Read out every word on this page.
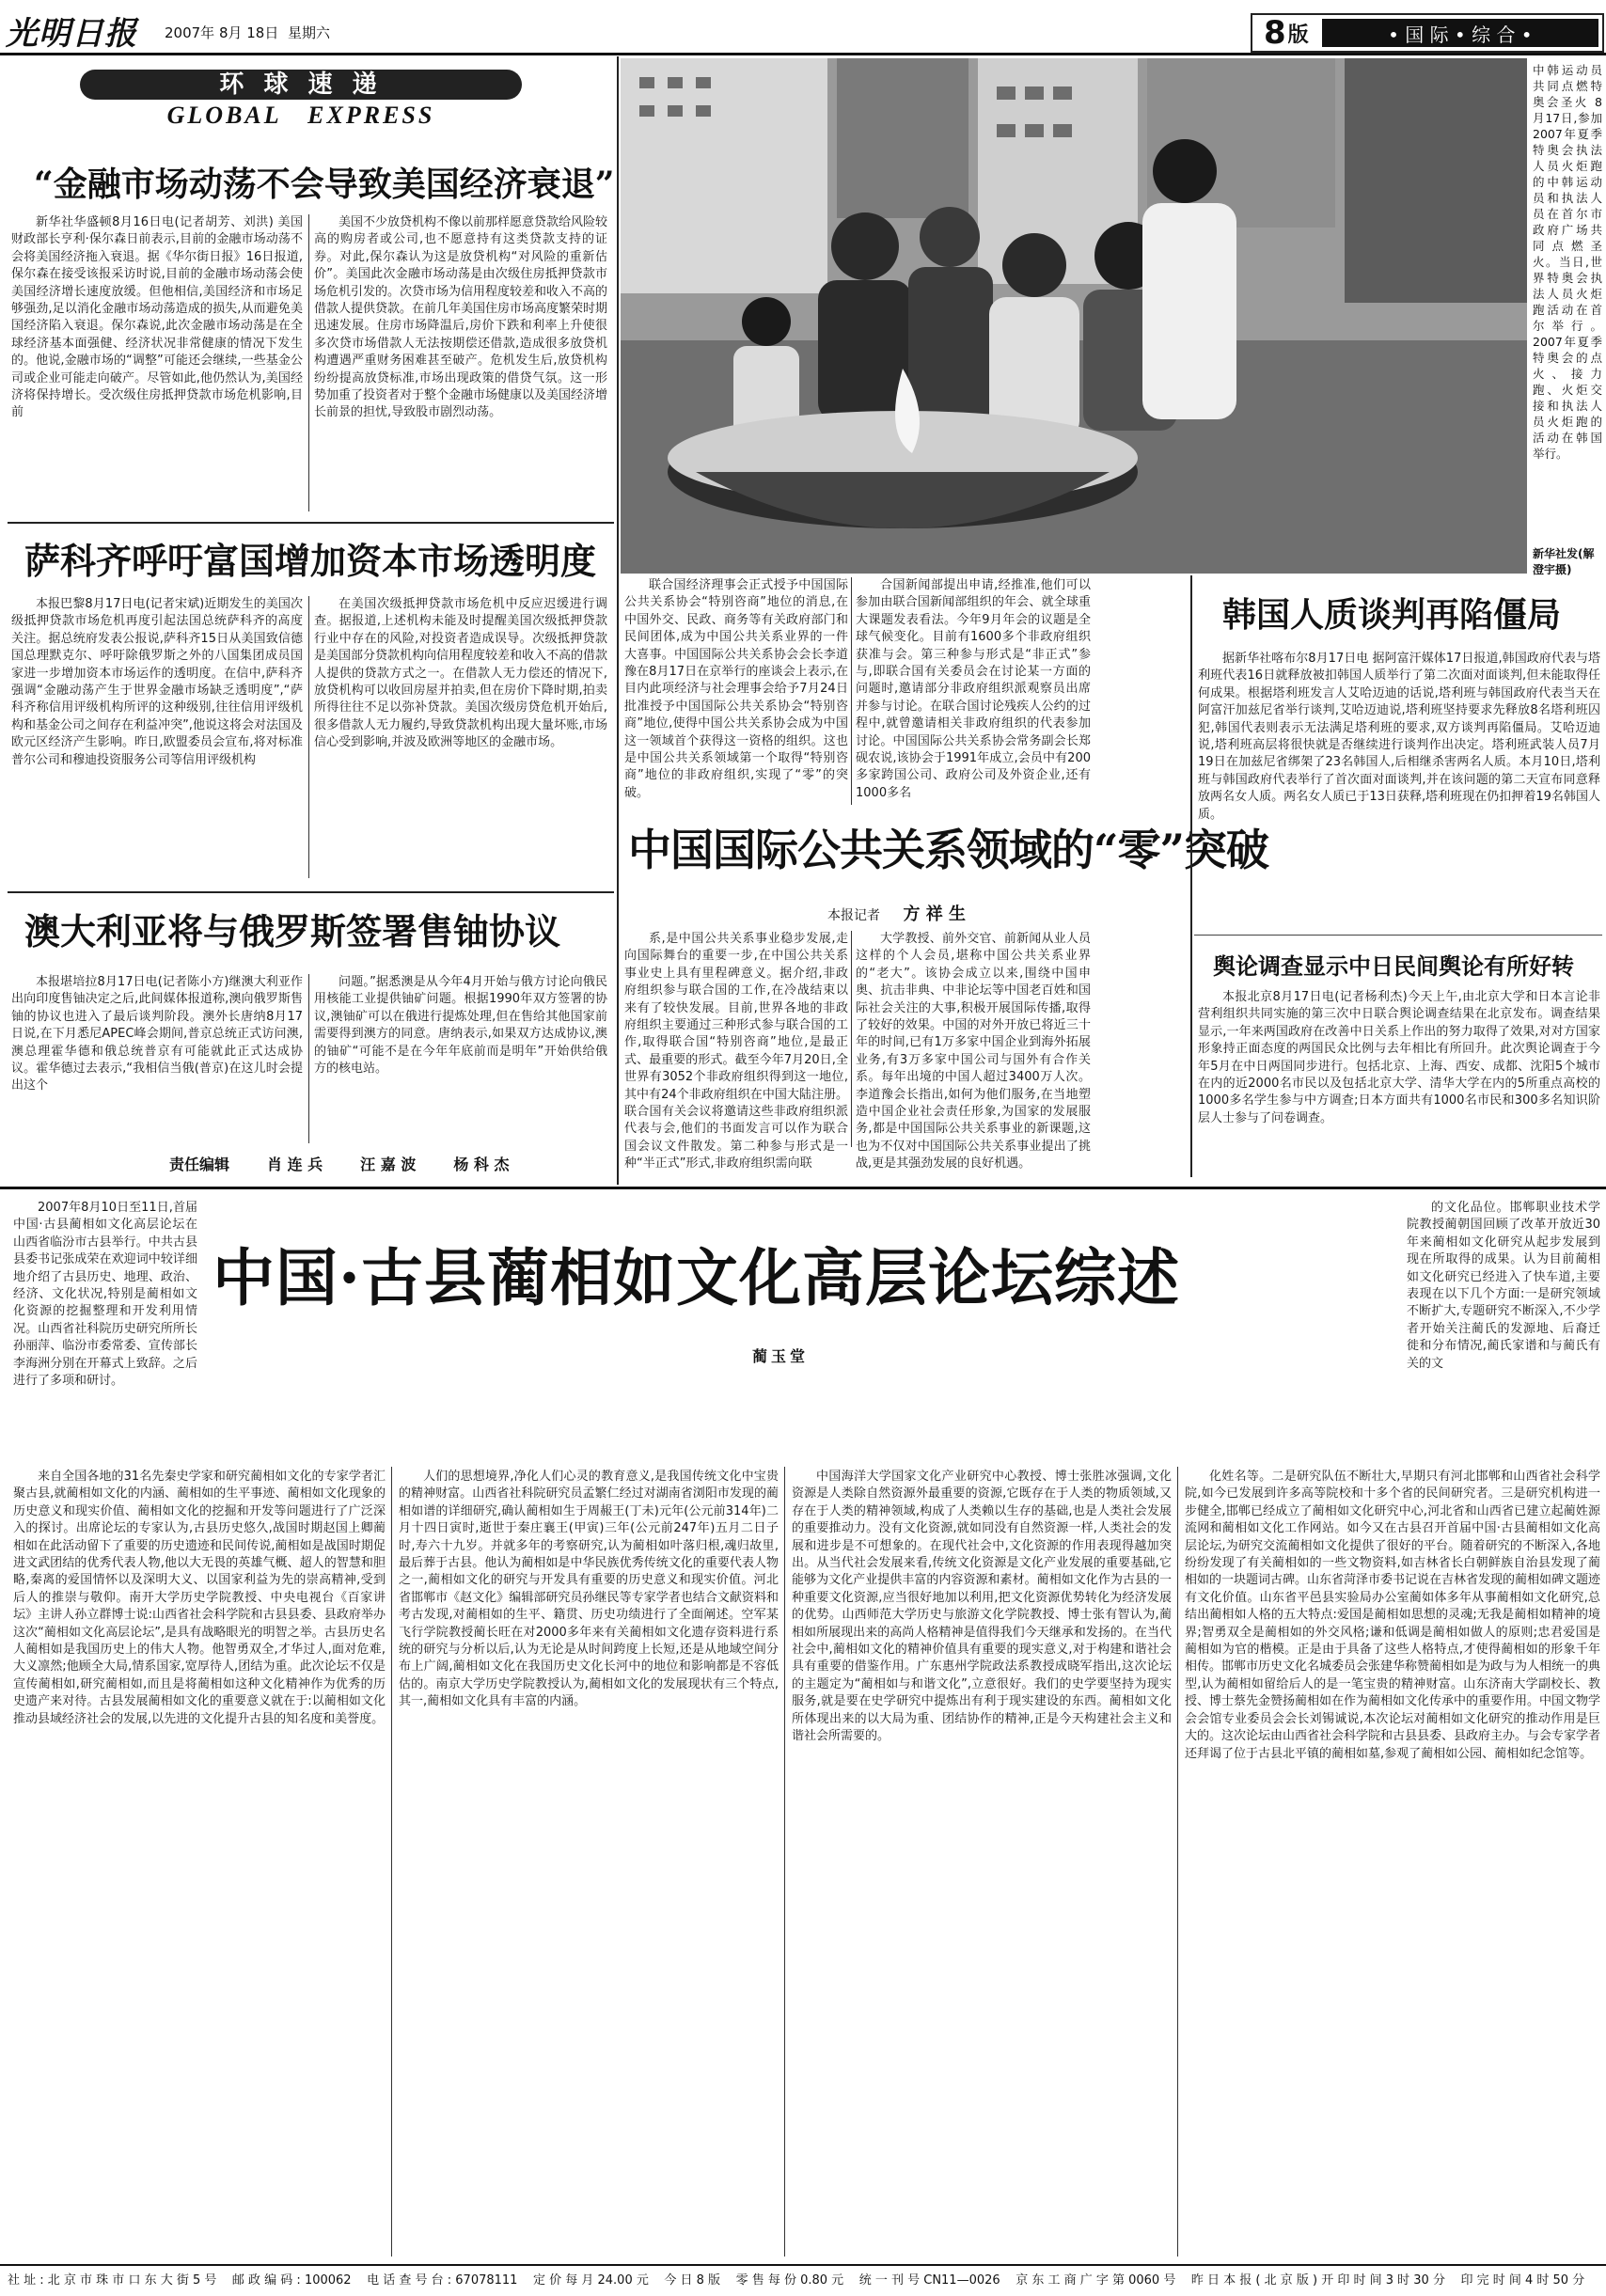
光明日报 2007年 8月 18日 星期六	8 版	• 国 际 • 综 合 •
环 球 速 递
GLOBAL   EXPRESS
“金融市场动荡不会导致美国经济衰退”

新华社华盛顿8月16日电(记者胡芳、刘洪) 美国财政部长亨利·保尔森日前表示,目前的金融市场动荡不会将美国经济拖入衰退。据《华尔街日报》16日报道,保尔森在接受该报采访时说,目前的金融市场动荡会使美国经济增长速度放缓。但他相信,美国经济和市场足够强劲,足以消化金融市场动荡造成的损失,从而避免美国经济陷入衰退。保尔森说,此次金融市场动荡是在全球经济基本面强健、经济状况非常健康的情况下发生的。他说,金融市场的“调整”可能还会继续,一些基金公司或企业可能走向破产。尽管如此,他仍然认为,美国经济将保持增长。受次级住房抵押贷款市场危机影响,目前

美国不少放贷机构不像以前那样愿意贷款给风险较高的购房者或公司,也不愿意持有这类贷款支持的证券。对此,保尔森认为这是放贷机构“对风险的重新估价”。美国此次金融市场动荡是由次级住房抵押贷款市场危机引发的。次贷市场为信用程度较差和收入不高的借款人提供贷款。在前几年美国住房市场高度繁荣时期迅速发展。住房市场降温后,房价下跌和利率上升使很多次贷市场借款人无法按期偿还借款,造成很多放贷机构遭遇严重财务困难甚至破产。危机发生后,放贷机构纷纷提高放贷标准,市场出现政策的借贷气氛。这一形势加重了投资者对于整个金融市场健康以及美国经济增长前景的担忧,导致股市剧烈动荡。

萨科齐呼吁富国增加资本市场透明度

本报巴黎8月17日电(记者宋斌)近期发生的美国次级抵押贷款市场危机再度引起法国总统萨科齐的高度关注。据总统府发表公报说,萨科齐15日从美国致信德国总理默克尔、呼吁除俄罗斯之外的八国集团成员国家进一步增加资本市场运作的透明度。在信中,萨科齐强调“金融动荡产生于世界金融市场缺乏透明度”,“萨科齐称信用评级机构所评的这种级别,往往信用评级机构和基金公司之间存在利益冲突”,他说这将会对法国及欧元区经济产生影响。昨日,欧盟委员会宣布,将对标准普尔公司和穆迪投资服务公司等信用评级机构

在美国次级抵押贷款市场危机中反应迟缓进行调查。据报道,上述机构未能及时提醒美国次级抵押贷款行业中存在的风险,对投资者造成误导。次级抵押贷款是美国部分贷款机构向信用程度较差和收入不高的借款人提供的贷款方式之一。在借款人无力偿还的情况下,放贷机构可以收回房屋并拍卖,但在房价下降时期,拍卖所得往往不足以弥补贷款。美国次级房贷危机开始后,很多借款人无力履约,导致贷款机构出现大量坏账,市场信心受到影响,并波及欧洲等地区的金融市场。

澳大利亚将与俄罗斯签署售铀协议

本报堪培拉8月17日电(记者陈小方)继澳大利亚作出向印度售铀决定之后,此间媒体报道称,澳向俄罗斯售铀的协议也进入了最后谈判阶段。澳外长唐纳8月17日说,在下月悉尼APEC峰会期间,普京总统正式访问澳,澳总理霍华德和俄总统普京有可能就此正式达成协议。霍华德过去表示,“我相信当俄(普京)在这儿时会提出这个

问题。”据悉澳是从今年4月开始与俄方讨论向俄民用核能工业提供铀矿问题。根据1990年双方签署的协议,澳铀矿可以在俄进行提炼处理,但在售给其他国家前需要得到澳方的同意。唐纳表示,如果双方达成协议,澳的铀矿“可能不是在今年年底前而是明年”开始供给俄方的核电站。

责任编辑	肖 连 兵	汪 嘉 波	杨 科 杰
中韩运动员共同点燃特奥会圣火 8月17日,参加2007年夏季特奥会执法人员火炬跑的中韩运动员和执法人员在首尔市政府广场共同点燃圣火。当日,世界特奥会执法人员火炬跑活动在首尔举行。2007年夏季特奥会的点火、接力跑、火炬交接和执法人员火炬跑的活动在韩国举行。
新华社发(解澄宇摄)

联合国经济理事会正式授予中国国际公共关系协会“特别咨商”地位的消息,在中国外交、民政、商务等有关政府部门和民间团体,成为中国公共关系业界的一件大喜事。中国国际公共关系协会会长李道豫在8月17日在京举行的座谈会上表示,在目内此项经济与社会理事会给予7月24日批准授予中国国际公共关系协会“特别咨商”地位,使得中国公共关系协会成为中国这一领域首个获得这一资格的组织。这也是中国公共关系领域第一个取得“特别咨商”地位的非政府组织,实现了“零”的突破。

合国新闻部提出申请,经推准,他们可以参加由联合国新闻部组织的年会、就全球重大课题发表看法。今年9月年会的议题是全球气候变化。目前有1600多个非政府组织获准与会。第三种参与形式是“非正式”参与,即联合国有关委员会在讨论某一方面的问题时,邀请部分非政府组织派观察员出席并参与讨论。在联合国讨论残疾人公约的过程中,就曾邀请相关非政府组织的代表参加讨论。中国国际公共关系协会常务副会长郑砚农说,该协会于1991年成立,会员中有200多家跨国公司、政府公司及外资企业,还有1000多名

中国国际公共关系领域的“零”突破
本报记者 方 祥 生

系,是中国公共关系事业稳步发展,走向国际舞台的重要一步,在中国公共关系事业史上具有里程碑意义。据介绍,非政府组织参与联合国的工作,在冷战结束以来有了较快发展。目前,世界各地的非政府组织主要通过三种形式参与联合国的工作,取得联合国“特别咨商”地位,是最正式、最重要的形式。截至今年7月20日,全世界有3052个非政府组织得到这一地位,其中有24个非政府组织在中国大陆注册。联合国有关会议将邀请这些非政府组织派代表与会,他们的书面发言可以作为联合国会议文件散发。第二种参与形式是一种“半正式”形式,非政府组织需向联

大学教授、前外交官、前新闻从业人员这样的个人会员,堪称中国公共关系业界的“老大”。该协会成立以来,围绕中国申奥、抗击非典、中非论坛等中国老百姓和国际社会关注的大事,积极开展国际传播,取得了较好的效果。中国的对外开放已将近三十年的时间,已有1万多家中国企业到海外拓展业务,有3万多家中国公司与国外有合作关系。每年出境的中国人超过3400万人次。李道豫会长指出,如何为他们服务,在当地塑造中国企业社会责任形象,为国家的发展服务,都是中国国际公共关系事业的新课题,这也为不仅对中国国际公共关系事业提出了挑战,更是其强劲发展的良好机遇。

韩国人质谈判再陷僵局

据新华社喀布尔8月17日电 据阿富汗媒体17日报道,韩国政府代表与塔利班代表16日就释放被扣韩国人质举行了第二次面对面谈判,但未能取得任何成果。根据塔利班发言人艾哈迈迪的话说,塔利班与韩国政府代表当天在阿富汗加兹尼省举行谈判,艾哈迈迪说,塔利班坚持要求先释放8名塔利班囚犯,韩国代表则表示无法满足塔利班的要求,双方谈判再陷僵局。艾哈迈迪说,塔利班高层将很快就是否继续进行谈判作出决定。塔利班武装人员7月19日在加兹尼省绑架了23名韩国人,后相继杀害两名人质。本月10日,塔利班与韩国政府代表举行了首次面对面谈判,并在该问题的第二天宣布同意释放两名女人质。两名女人质已于13日获释,塔利班现在仍扣押着19名韩国人质。

舆论调查显示中日民间舆论有所好转

本报北京8月17日电(记者杨利杰)今天上午,由北京大学和日本言论非营利组织共同实施的第三次中日联合舆论调查结果在北京发布。调查结果显示,一年来两国政府在改善中日关系上作出的努力取得了效果,对对方国家形象持正面态度的两国民众比例与去年相比有所回升。此次舆论调查于今年5月在中日两国同步进行。包括北京、上海、西安、成都、沈阳5个城市在内的近2000名市民以及包括北京大学、清华大学在内的5所重点高校的1000多名学生参与中方调查;日本方面共有1000名市民和300多名知识阶层人士参与了问卷调查。

2007年8月10日至11日,首届中国·古县蔺相如文化高层论坛在山西省临汾市古县举行。中共古县县委书记张成荣在欢迎词中较详细地介绍了古县历史、地理、政治、经济、文化状况,特别是蔺相如文化资源的挖掘整理和开发利用情况。山西省社科院历史研究所所长孙丽萍、临汾市委常委、宣传部长李海洲分别在开幕式上致辞。之后进行了多项和研讨。

中国·古县蔺相如文化高层论坛综述
蔺玉堂

的文化品位。邯郸职业技术学院教授蔺朝国回顾了改革开放近30年来蔺相如文化研究从起步发展到现在所取得的成果。认为目前蔺相如文化研究已经进入了快车道,主要表现在以下几个方面:一是研究领域不断扩大,专题研究不断深入,不少学者开始关注蔺氏的发源地、后裔迁徙和分布情况,蔺氏家谱和与蔺氏有关的文

来自全国各地的31名先秦史学家和研究蔺相如文化的专家学者汇聚古县,就蔺相如文化的内涵、蔺相如的生平事迹、蔺相如文化现象的历史意义和现实价值、蔺相如文化的挖掘和开发等问题进行了广泛深入的探讨。出席论坛的专家认为,古县历史悠久,战国时期赵国上卿蔺相如在此活动留下了重要的历史遗迹和民间传说,蔺相如是战国时期促进文武团结的优秀代表人物,他以大无畏的英雄气概、超人的智慧和胆略,秦离的爱国情怀以及深明大义、以国家利益为先的崇高精神,受到后人的推崇与敬仰。南开大学历史学院教授、中央电视台《百家讲坛》主讲人孙立群博士说:山西省社会科学院和古县县委、县政府举办这次“蔺相如文化高层论坛”,是具有战略眼光的明智之举。古县历史名人蔺相如是我国历史上的伟大人物。他智勇双全,才华过人,面对危难,大义凛然;他顾全大局,情系国家,宽厚待人,团结为重。此次论坛不仅是宣传蔺相如,研究蔺相如,而且是将蔺相如这种文化精神作为优秀的历史遗产来对待。古县发展蔺相如文化的重要意义就在于:以蔺相如文化推动县域经济社会的发展,以先进的文化提升古县的知名度和美誉度。

人们的思想境界,净化人们心灵的教育意义,是我国传统文化中宝贵的精神财富。山西省社科院研究员孟繁仁经过对湖南省浏阳市发现的蔺相如谱的详细研究,确认蔺相如生于周赧王(丁未)元年(公元前314年)二月十四日寅时,逝世于秦庄襄王(甲寅)三年(公元前247年)五月二日子时,寿六十九岁。并就多年的考察研究,认为蔺相如叶落归根,魂归故里,最后葬于古县。他认为蔺相如是中华民族优秀传统文化的重要代表人物之一,蔺相如文化的研究与开发具有重要的历史意义和现实价值。河北省邯郸市《赵文化》编辑部研究员孙继民等专家学者也结合文献资料和考古发现,对蔺相如的生平、籍贯、历史功绩进行了全面阐述。空军某飞行学院教授蔺长旺在对2000多年来有关蔺相如文化遗存资料进行系统的研究与分析以后,认为无论是从时间跨度上长短,还是从地域空间分布上广阔,蔺相如文化在我国历史文化长河中的地位和影响都是不容低估的。南京大学历史学院教授认为,蔺相如文化的发展现状有三个特点,其一,蔺相如文化具有丰富的内涵。

中国海洋大学国家文化产业研究中心教授、博士张胜冰强调,文化资源是人类除自然资源外最重要的资源,它既存在于人类的物质领域,又存在于人类的精神领域,构成了人类赖以生存的基础,也是人类社会发展的重要推动力。没有文化资源,就如同没有自然资源一样,人类社会的发展和进步是不可想象的。在现代社会中,文化资源的作用表现得越加突出。从当代社会发展来看,传统文化资源是文化产业发展的重要基础,它能够为文化产业提供丰富的内容资源和素材。蔺相如文化作为古县的一种重要文化资源,应当很好地加以利用,把文化资源优势转化为经济发展的优势。山西师范大学历史与旅游文化学院教授、博士张有智认为,蔺相如所展现出来的高尚人格精神是值得我们今天继承和发扬的。在当代社会中,蔺相如文化的精神价值具有重要的现实意义,对于构建和谐社会具有重要的借鉴作用。广东惠州学院政法系教授成晓军指出,这次论坛的主题定为“蔺相如与和谐文化”,立意很好。我们的史学要坚持为现实服务,就是要在史学研究中提炼出有利于现实建设的东西。蔺相如文化所体现出来的以大局为重、团结协作的精神,正是今天构建社会主义和谐社会所需要的。

化姓名等。二是研究队伍不断壮大,早期只有河北邯郸和山西省社会科学院,如今已发展到许多高等院校和十多个省的民间研究者。三是研究机构进一步健全,邯郸已经成立了蔺相如文化研究中心,河北省和山西省已建立起蔺姓源流网和蔺相如文化工作网站。如今又在古县召开首届中国·古县蔺相如文化高层论坛,为研究交流蔺相如文化提供了很好的平台。随着研究的不断深入,各地纷纷发现了有关蔺相如的一些文物资料,如吉林省长白朝鲜族自治县发现了蔺相如的一块题词古碑。山东省菏泽市委书记说在吉林省发现的蔺相如碑文题迹有文化价值。山东省平邑县实验局办公室蔺如体多年从事蔺相如文化研究,总结出蔺相如人格的五大特点:爱国是蔺相如思想的灵魂;无我是蔺相如精神的境界;智勇双全是蔺相如的外交风格;谦和低调是蔺相如做人的原则;忠君爱国是蔺相如为官的楷模。正是由于具备了这些人格特点,才使得蔺相如的形象千年相传。邯郸市历史文化名城委员会张建华称赞蔺相如是为政与为人相统一的典型,认为蔺相如留给后人的是一笔宝贵的精神财富。山东济南大学副校长、教授、博士蔡先金赞扬蔺相如在作为蔺相如文化传承中的重要作用。中国文物学会会馆专业委员会会长刘锡诚说,本次论坛对蔺相如文化研究的推动作用是巨大的。这次论坛由山西省社会科学院和古县县委、县政府主办。与会专家学者还拜谒了位于古县北平镇的蔺相如墓,参观了蔺相如公园、蔺相如纪念馆等。

社 址 : 北 京 市 珠 市 口 东 大 街 5 号    邮 政 编 码 : 100062    电 话 查 号 台 : 67078111    定 价 每 月 24.00 元    今 日 8 版    零 售 每 份 0.80 元    统 一 刊 号 CN11—0026    京 东 工 商 广 字 第 0060 号    昨 日 本 报 ( 北 京 版 ) 开 印 时 间 3 时 30 分    印 完 时 间 4 时 50 分
